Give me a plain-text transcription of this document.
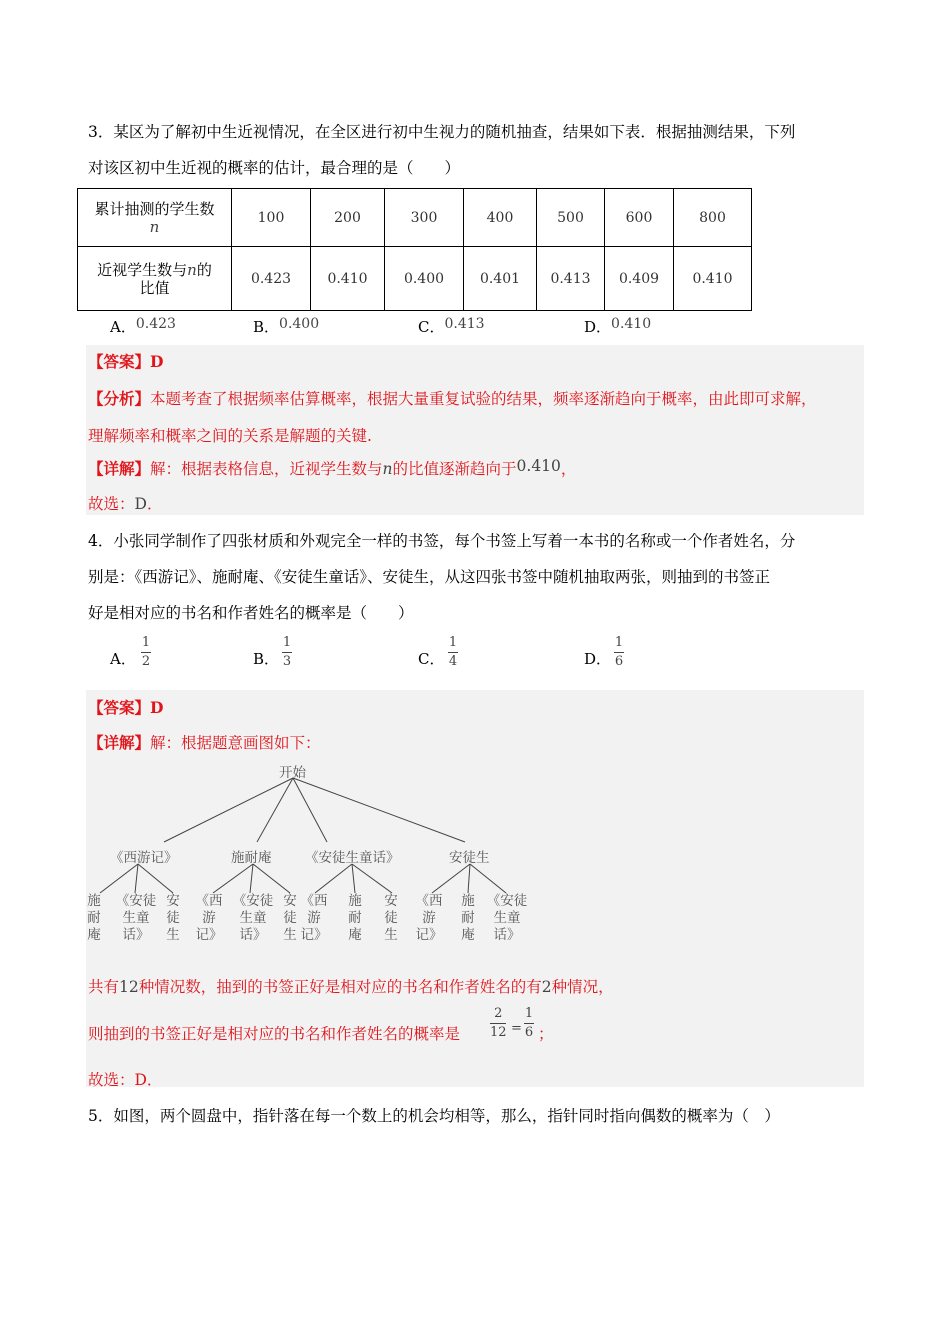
3．某区为了解初中生近视情况，在全区进行初中生视力的随机抽查，结果如下表．根据抽测结果，下列
对该区初中生近视的概率的估计，最合理的是（　　）
累计抽测的学生数
n	100	200	300	400	500	600	800
近视学生数与n的
比值	0.423	0.410	0.400	0.401	0.413	0.409	0.410
A．0.423	B．0.400	C．0.413	D．0.410
【答案】D
【分析】本题考查了根据频率估算概率，根据大量重复试验的结果，频率逐渐趋向于概率，由此即可求解，
理解频率和概率之间的关系是解题的关键.
【详解】解：根据表格信息，近视学生数与n的比值逐渐趋向于0.410，
故选：D．
4．小张同学制作了四张材质和外观完全一样的书签，每个书签上写着一本书的名称或一个作者姓名，分
别是：《西游记》、施耐庵、《安徒生童话》、安徒生，从这四张书签中随机抽取两张，则抽到的书签正
好是相对应的书名和作者姓名的概率是（　　）
A．
1
2	B．
1
3	C．
1
4	D．
1
6
【答案】D
【详解】解：根据题意画图如下：
开始
《西游记》	施耐庵 《安徒生童话》	安徒生
施耐庵
《安徒生童话》
安徒生
《西游记》
《安徒生童话》
安徒生
《西游记》
施耐庵
安徒生
《西游记》
施耐庵
《安徒生童话》
共有12种情况数，抽到的书签正好是相对应的书名和作者姓名的有2种情况，
则抽到的书签正好是相对应的书名和作者姓名的概率是
2
12 =
1
6 ；
故选：D．
5．如图，两个圆盘中，指针落在每一个数上的机会均相等，那么，指针同时指向偶数的概率为（　）
